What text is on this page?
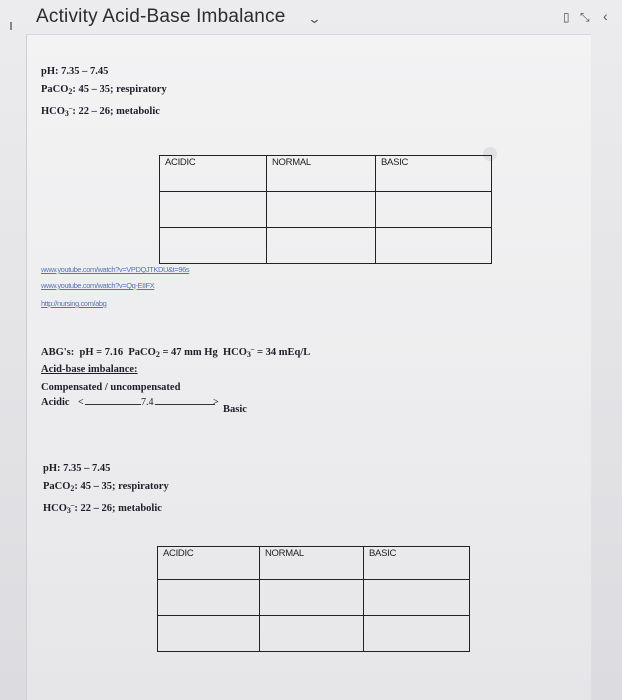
Activity Acid-Base Imbalance ⌄	▯ ⤡ ‹
pH: 7.35 – 7.45
PaCO$_2$: 45 – 35; respiratory
$HCO_3^-$: 22 – 26; metabolic
ACIDIC	NORMAL	BASIC

www.youtube.com/watch?v=VPDQJTKDU&t=96s
www.youtube.com/watch?v=Qq-EIIFX
http://nursing.com/abg
ABG's: pH = 7.16 PaCO$_2$ = 47 mm Hg $HCO_3^- = 34$ mEq/L
Acid-base imbalance:
Compensated / uncompensated
Acidic <	7.4	>
Basic
pH: 7.35 – 7.45
PaCO$_2$: 45 – 35; respiratory
$HCO_3^-$: 22 – 26; metabolic
ACIDIC	NORMAL	BASIC
